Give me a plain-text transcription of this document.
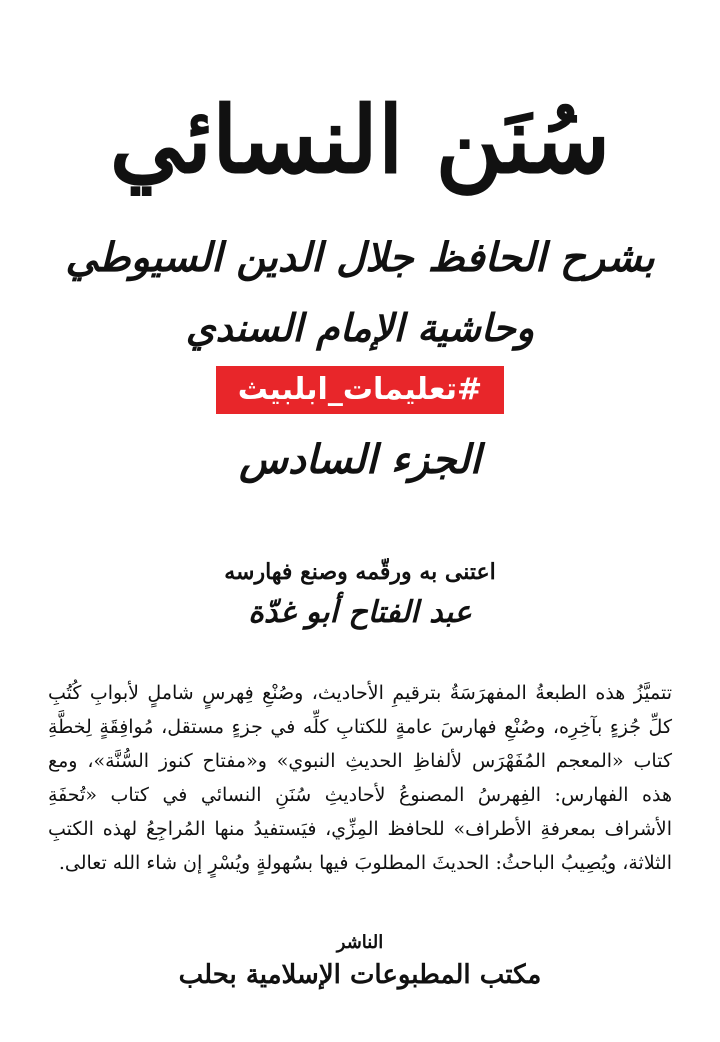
سُنَن النسائي
بشرح الحافظ جلال الدين السيوطي
وحاشية الإمام السندي
#تعليمات_ابلبيث
الجزء السادس
اعتنى به ورقّمه وصنع فهارسه
عبد الفتاح أبو غدّة
تتميَّزُ هذه الطبعةُ المفهرَسَةُ بترقيمِ الأحاديث، وصُنْعِ فِهرسٍ شاملٍ لأبوابِ كُتُبِ كلِّ جُزءٍ بآخِرِه، وصُنْعِ فهارسَ عامةٍ للكتابِ كلِّه في جزءٍ مستقل، مُوافِقَةٍ لِخطَّةِ كتاب «المعجم المُفَهْرَس لألفاظِ الحديثِ النبوي» و«مفتاح كنوز السُّنَّة»، ومع هذه الفهارس: الفِهرسُ المصنوعُ لأحاديثِ سُنَنِ النسائي في كتاب «تُحفَةِ الأشراف بمعرفةِ الأطراف» للحافظ المِزِّي، فيَستفيدُ منها المُراجِعُ لهذه الكتبِ الثلاثة، ويُصِيبُ الباحثُ: الحديثَ المطلوبَ فيها بسُهولةٍ ويُسْرٍ إن شاء الله تعالى.
الناشر
مكتب المطبوعات الإسلامية بحلب
